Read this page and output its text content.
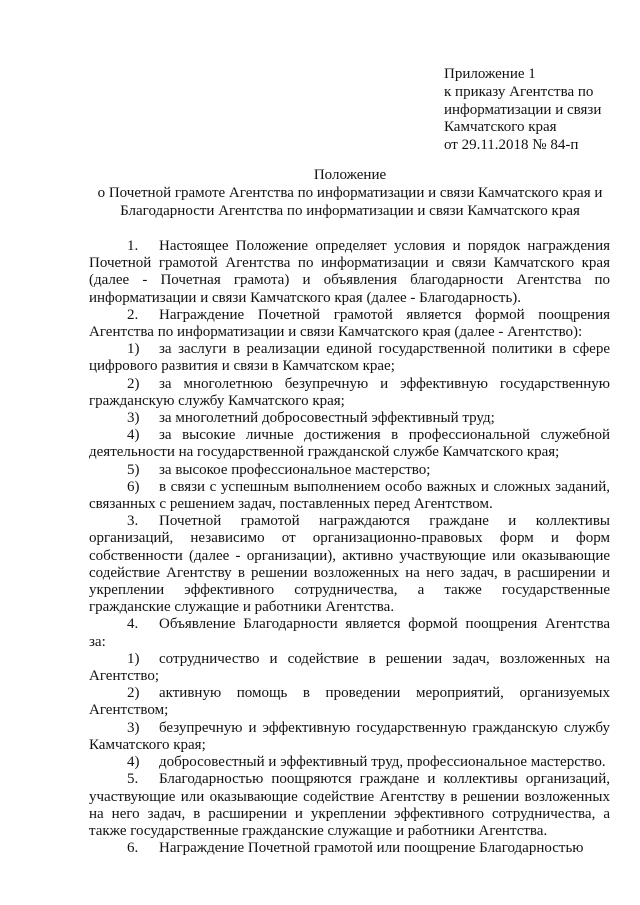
Приложение 1
к приказу Агентства по
информатизации и связи
Камчатского края
от 29.11.2018 № 84-п
Положение
о Почетной грамоте Агентства по информатизации и связи Камчатского края и
Благодарности Агентства по информатизации и связи Камчатского края

1. Настоящее Положение определяет условия и порядок награждения Почетной грамотой Агентства по информатизации и связи Камчатского края (далее - Почетная грамота) и объявления благодарности Агентства по информатизации и связи Камчатского края (далее - Благодарность).

2. Награждение Почетной грамотой является формой поощрения Агентства по информатизации и связи Камчатского края (далее - Агентство):

1) за заслуги в реализации единой государственной политики в сфере цифрового развития и связи в Камчатском крае;

2) за многолетнюю безупречную и эффективную государственную гражданскую службу Камчатского края;

3) за многолетний добросовестный эффективный труд;

4) за высокие личные достижения в профессиональной служебной деятельности на государственной гражданской службе Камчатского края;

5) за высокое профессиональное мастерство;

6) в связи с успешным выполнением особо важных и сложных заданий, связанных с решением задач, поставленных перед Агентством.

3. Почетной грамотой награждаются граждане и коллективы организаций, независимо от организационно-правовых форм и форм собственности (далее - организации), активно участвующие или оказывающие содействие Агентству в решении возложенных на него задач, в расширении и укреплении эффективного сотрудничества, а также государственные гражданские служащие и работники Агентства.

4. Объявление Благодарности является формой поощрения Агентства за:

1) сотрудничество и содействие в решении задач, возложенных на Агентство;

2) активную помощь в проведении мероприятий, организуемых Агентством;

3) безупречную и эффективную государственную гражданскую службу Камчатского края;

4) добросовестный и эффективный труд, профессиональное мастерство.

5. Благодарностью поощряются граждане и коллективы организаций, участвующие или оказывающие содействие Агентству в решении возложенных на него задач, в расширении и укреплении эффективного сотрудничества, а также государственные гражданские служащие и работники Агентства.

6. Награждение Почетной грамотой или поощрение Благодарностью
